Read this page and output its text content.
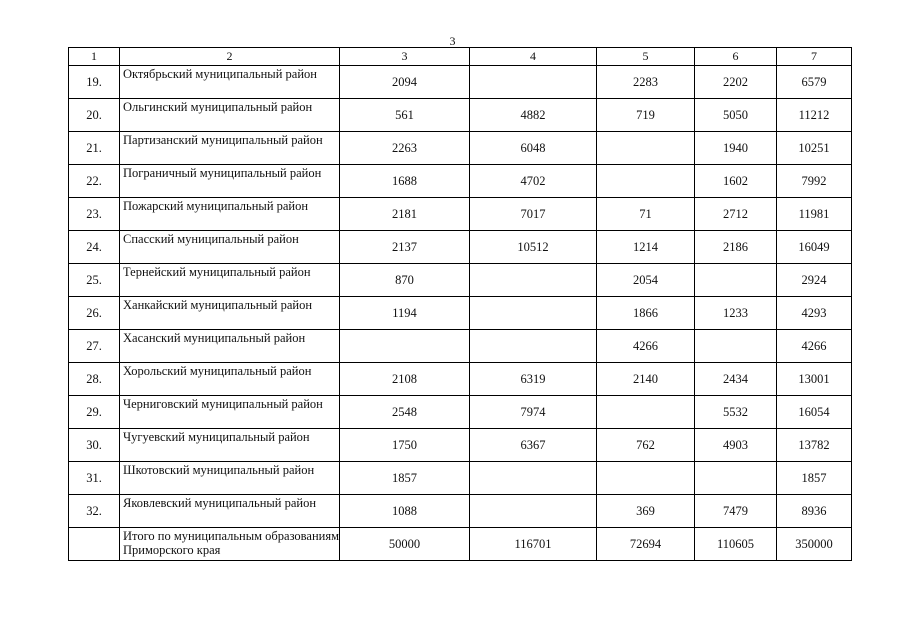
3
1	2	3	4	5	6	7
19.	Октябрьский муниципальный район	2094		2283	2202	6579
20.	Ольгинский муниципальный район	561	4882	719	5050	11212
21.	Партизанский муниципальный район	2263	6048		1940	10251
22.	Пограничный муниципальный район	1688	4702		1602	7992
23.	Пожарский муниципальный район	2181	7017	71	2712	11981
24.	Спасский муниципальный район	2137	10512	1214	2186	16049
25.	Тернейский муниципальный район	870		2054		2924
26.	Ханкайский муниципальный район	1194		1866	1233	4293
27.	Хасанский муниципальный район			4266		4266
28.	Хорольский муниципальный район	2108	6319	2140	2434	13001
29.	Черниговский муниципальный район	2548	7974		5532	16054
30.	Чугуевский муниципальный район	1750	6367	762	4903	13782
31.	Шкотовский муниципальный район	1857				1857
32.	Яковлевский муниципальный район	1088		369	7479	8936
	Итого по муниципальным образованиям Приморского края	50000	116701	72694	110605	350000
